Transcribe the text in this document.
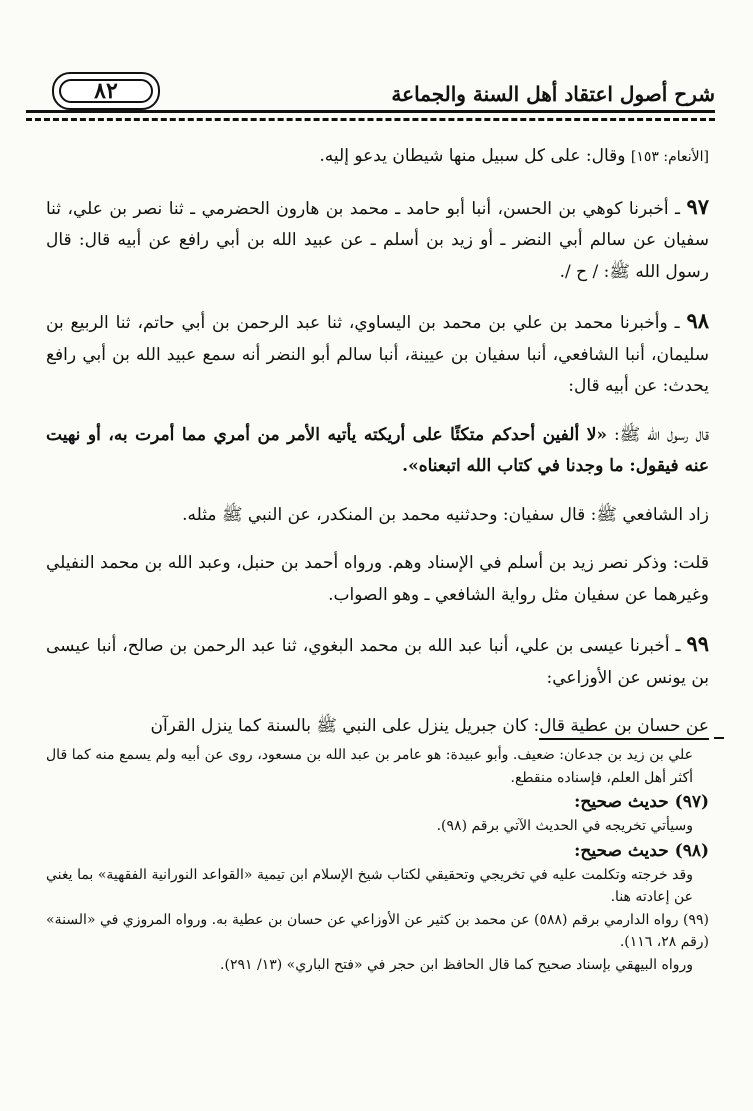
٨٢	شرح أصول اعتقاد أهل السنة والجماعة

[الأنعام: ١٥٣] وقال: على كل سبيل منها شيطان يدعو إليه.

٩٧ ـ أخبرنا كوهي بن الحسن، أنبا أبو حامد ـ محمد بن هارون الحضرمي ـ ثنا نصر بن علي، ثنا سفيان عن سالم أبي النضر ـ أو زيد بن أسلم ـ عن عبيد الله بن أبي رافع عن أبيه قال: قال رسول الله ﷺ: / ح /.

٩٨ ـ وأخبرنا محمد بن علي بن محمد بن اليساوي، ثنا عبد الرحمن بن أبي حاتم، ثنا الربيع بن سليمان، أنبا الشافعي، أنبا سفيان بن عيينة، أنبا سالم أبو النضر أنه سمع عبيد الله بن أبي رافع يحدث: عن أبيه قال:

قال رسول الله ﷺ: «لا ألفين أحدكم متكئًا على أريكته يأتيه الأمر من أمري مما أمرت به، أو نهيت عنه فيقول: ما وجدنا في كتاب الله اتبعناه».

زاد الشافعي ﷺ: قال سفيان: وحدثنيه محمد بن المنكدر، عن النبي ﷺ مثله.

قلت: وذكر نصر زيد بن أسلم في الإسناد وهم. ورواه أحمد بن حنبل، وعبد الله بن محمد النفيلي وغيرهما عن سفيان مثل رواية الشافعي ـ وهو الصواب.

٩٩ ـ أخبرنا عيسى بن علي، أنبا عبد الله بن محمد البغوي، ثنا عبد الرحمن بن صالح، أنبا عيسى بن يونس عن الأوزاعي:

عن حسان بن عطية قال: كان جبريل ينزل على النبي ﷺ بالسنة كما ينزل القرآن

علي بن زيد بن جدعان: ضعيف. وأبو عبيدة: هو عامر بن عبد الله بن مسعود، روى عن أبيه ولم يسمع منه كما قال أكثر أهل العلم، فإسناده منقطع.

(٩٧) حديث صحيح:

وسيأتي تخريجه في الحديث الآتي برقم (٩٨).

(٩٨) حديث صحيح:

وقد خرجته وتكلمت عليه في تخريجي وتحقيقي لكتاب شيخ الإسلام ابن تيمية «القواعد النورانية الفقهية» بما يغني عن إعادته هنا.

(٩٩) رواه الدارمي برقم (٥٨٨) عن محمد بن كثير عن الأوزاعي عن حسان بن عطية به. ورواه المروزي في «السنة» (رقم ٢٨، ١١٦).

ورواه البيهقي بإسناد صحيح كما قال الحافظ ابن حجر في «فتح الباري» (١٣/ ٢٩١).
